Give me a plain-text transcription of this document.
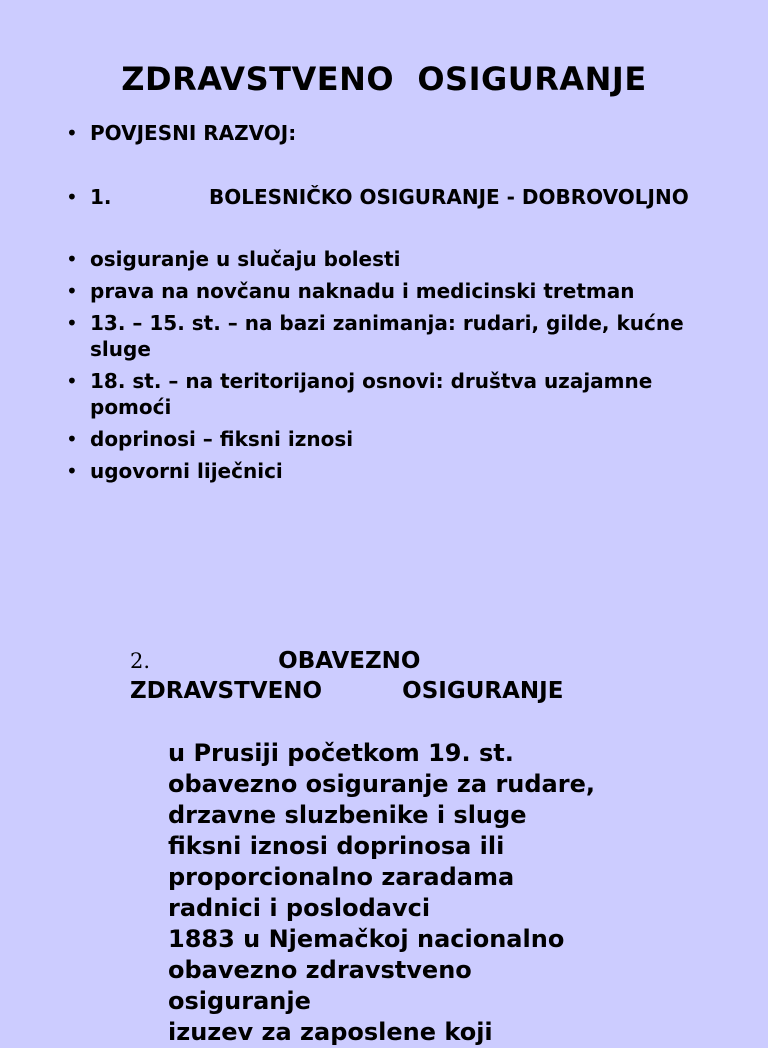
ZDRAVSTVENO  OSIGURANJE
• POVJESNI RAZVOJ:
• 1.              BOLESNIČKO OSIGURANJE - DOBROVOLJNO
• osiguranje u slučaju bolesti
• prava na novčanu naknadu i medicinski tretman
• 13. – 15. st. – na bazi zanimanja: rudari, gilde, kućne sluge
• 18. st. – na teritorijanoj osnovi: društva uzajamne pomoći
• doprinosi – fiksni iznosi
• ugovorni liječnici
2.	OBAVEZNO
ZDRAVSTVENO          OSIGURANJE
u Prusiji početkom 19. st.
obavezno osiguranje za rudare,
drzavne sluzbenike i sluge
fiksni iznosi doprinosa ili
proporcionalno zaradama
radnici i poslodavci
1883 u Njemačkoj nacionalno
obavezno zdravstveno
osiguranje
izuzev za zaposlene koji
